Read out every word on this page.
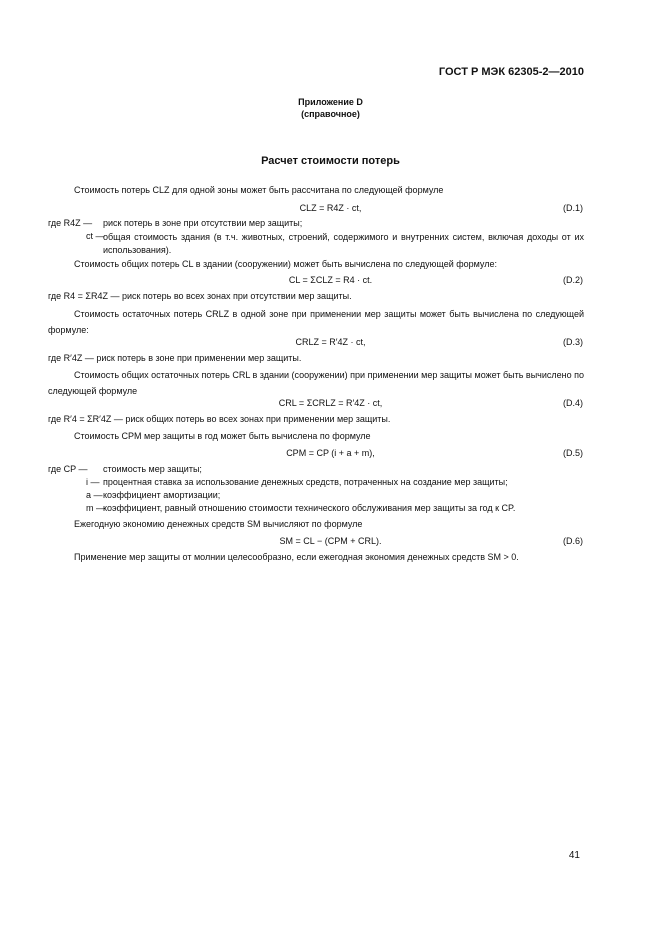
ГОСТ Р МЭК 62305-2—2010
Приложение D
(справочное)
Расчет стоимости потерь
Стоимость потерь CLZ для одной зоны может быть рассчитана по следующей формуле
CLZ = R4Z · ct,	(D.1)
где R4Z — риск потерь в зоне при отсутствии мер защиты;
ct —
общая стоимость здания (в т.ч. животных, строений, содержимого и внутренних систем, включая доходы от их использования).
Стоимость общих потерь CL в здании (сооружении) может быть вычислена по следующей формуле:
CL = ΣCLZ = R4 · ct.	(D.2)
где R4 = ΣR4Z — риск потерь во всех зонах при отсутствии мер защиты.
Стоимость остаточных потерь CRLZ в одной зоне при применении мер защиты может быть вычислена по следующей формуле:
CRLZ = R′4Z · ct,	(D.3)
где R′4Z — риск потерь в зоне при применении мер защиты.
Стоимость общих остаточных потерь CRL в здании (сооружении) при применении мер защиты может быть вычислено по следующей формуле
CRL = ΣCRLZ = R′4Z · ct,	(D.4)
где R′4 = ΣR′4Z — риск общих потерь во всех зонах при применении мер защиты.
Стоимость CPM мер защиты в год может быть вычислена по формуле
CPM = CP (i + a + m),	(D.5)
где CP — стоимость мер защиты;
i — процентная ставка за использование денежных средств, потраченных на создание мер защиты;
a — коэффициент амортизации;
m —
коэффициент, равный отношению стоимости технического обслуживания мер защиты за год к CP.
Ежегодную экономию денежных средств SM вычисляют по формуле
SM = CL − (CPM + CRL).	(D.6)
Применение мер защиты от молнии целесообразно, если ежегодная экономия денежных средств SM > 0.
41
